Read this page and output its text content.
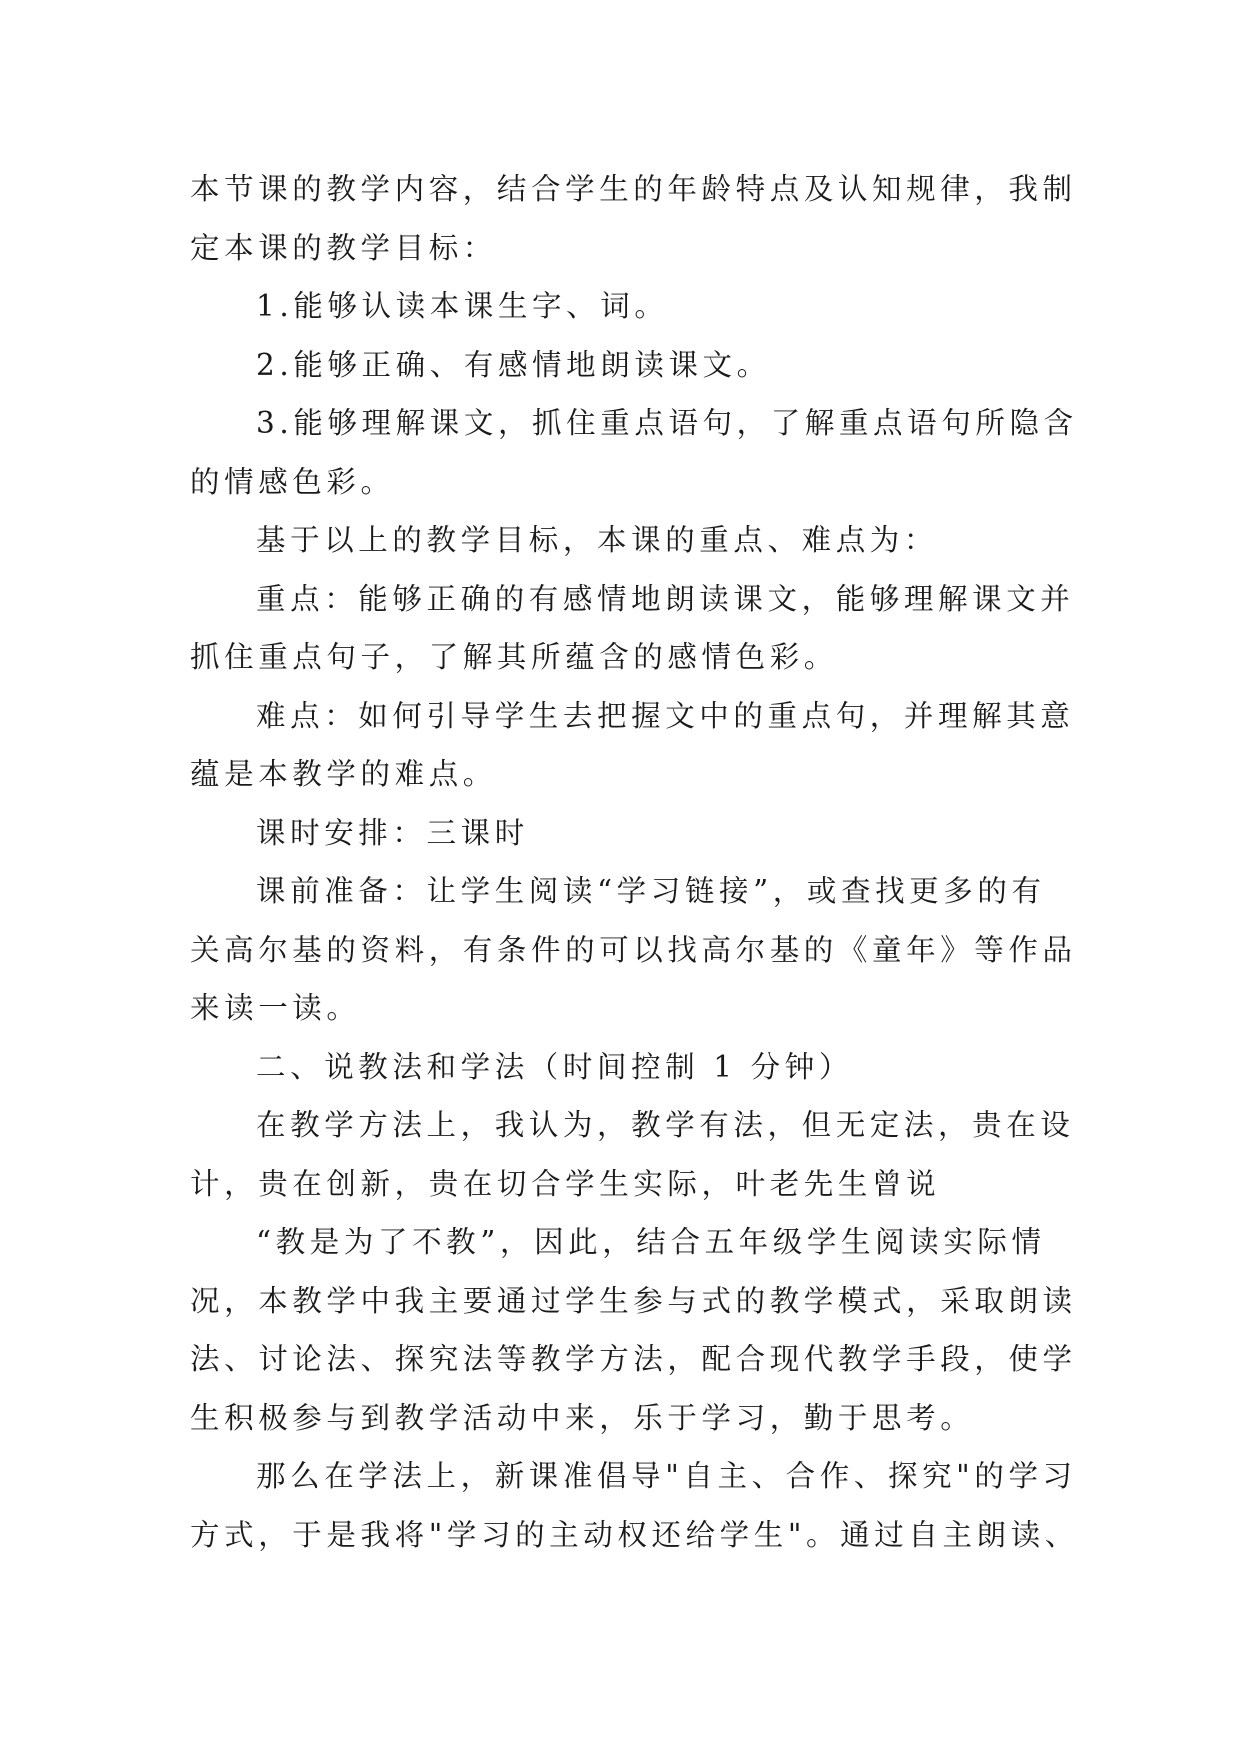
本节课的教学内容，结合学生的年龄特点及认知规律，我制
定本课的教学目标：
1.能够认读本课生字、词。
2.能够正确、有感情地朗读课文。
3.能够理解课文，抓住重点语句，了解重点语句所隐含
的情感色彩。
基于以上的教学目标，本课的重点、难点为：
重点：能够正确的有感情地朗读课文，能够理解课文并
抓住重点句子，了解其所蕴含的感情色彩。
难点：如何引导学生去把握文中的重点句，并理解其意
蕴是本教学的难点。
课时安排：三课时
课前准备：让学生阅读“学习链接”，或查找更多的有
关高尔基的资料，有条件的可以找高尔基的《童年》等作品
来读一读。
二、说教法和学法（时间控制 1 分钟）
在教学方法上，我认为，教学有法，但无定法，贵在设
计，贵在创新，贵在切合学生实际，叶老先生曾说
“教是为了不教”，因此，结合五年级学生阅读实际情
况，本教学中我主要通过学生参与式的教学模式，采取朗读
法、讨论法、探究法等教学方法，配合现代教学手段，使学
生积极参与到教学活动中来，乐于学习，勤于思考。
那么在学法上，新课准倡导"自主、合作、探究"的学习
方式，于是我将"学习的主动权还给学生"。通过自主朗读、
